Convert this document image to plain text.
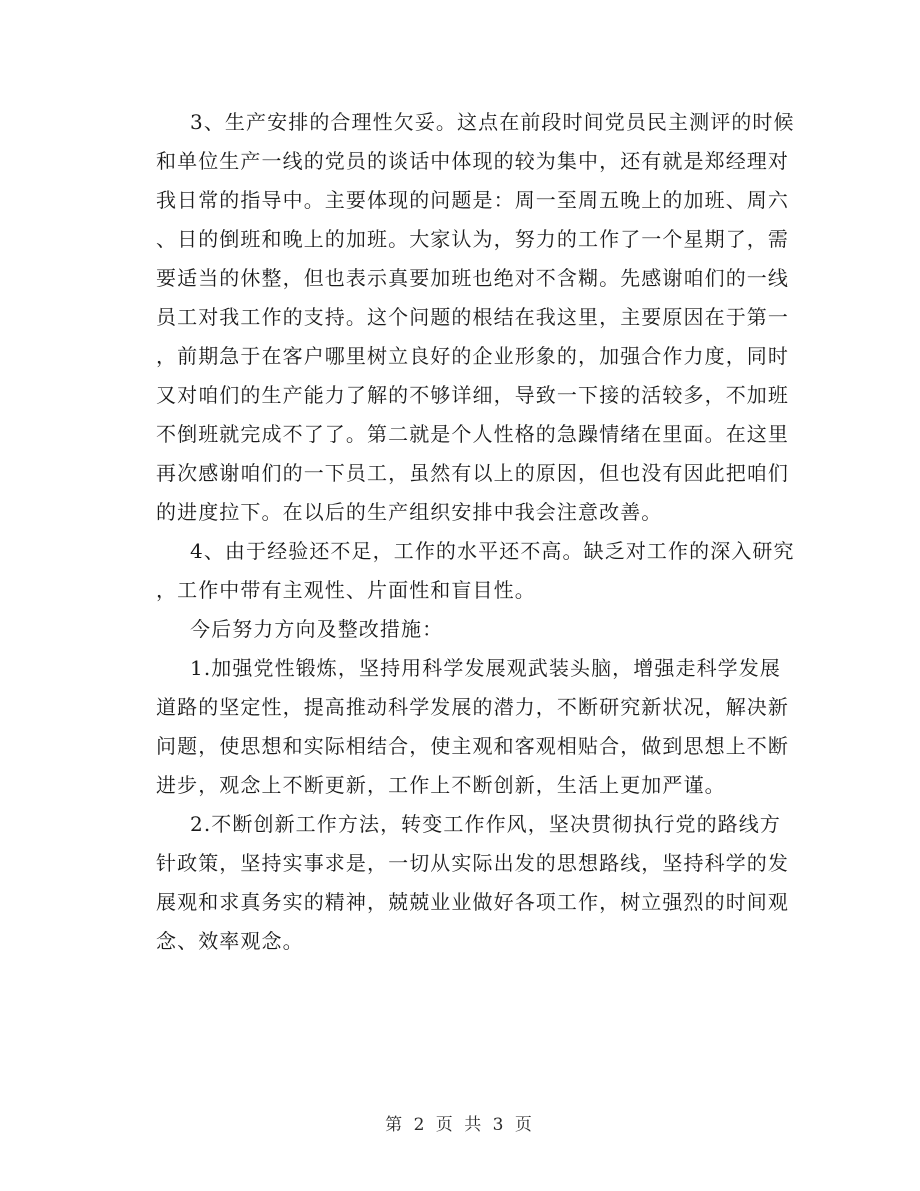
3、生产安排的合理性欠妥。这点在前段时间党员民主测评的时候
和单位生产一线的党员的谈话中体现的较为集中，还有就是郑经理对
我日常的指导中。主要体现的问题是：周一至周五晚上的加班、周六
、日的倒班和晚上的加班。大家认为，努力的工作了一个星期了，需
要适当的休整，但也表示真要加班也绝对不含糊。先感谢咱们的一线
员工对我工作的支持。这个问题的根结在我这里，主要原因在于第一
，前期急于在客户哪里树立良好的企业形象的，加强合作力度，同时
又对咱们的生产能力了解的不够详细，导致一下接的活较多，不加班
不倒班就完成不了了。第二就是个人性格的急躁情绪在里面。在这里
再次感谢咱们的一下员工，虽然有以上的原因，但也没有因此把咱们
的进度拉下。在以后的生产组织安排中我会注意改善。
4、由于经验还不足，工作的水平还不高。缺乏对工作的深入研究
，工作中带有主观性、片面性和盲目性。
今后努力方向及整改措施：
1.加强党性锻炼，坚持用科学发展观武装头脑，增强走科学发展
道路的坚定性，提高推动科学发展的潜力，不断研究新状况，解决新
问题，使思想和实际相结合，使主观和客观相贴合，做到思想上不断
进步，观念上不断更新，工作上不断创新，生活上更加严谨。
2.不断创新工作方法，转变工作作风，坚决贯彻执行党的路线方
针政策，坚持实事求是，一切从实际出发的思想路线，坚持科学的发
展观和求真务实的精神，兢兢业业做好各项工作，树立强烈的时间观
念、效率观念。
第 2 页 共 3 页
